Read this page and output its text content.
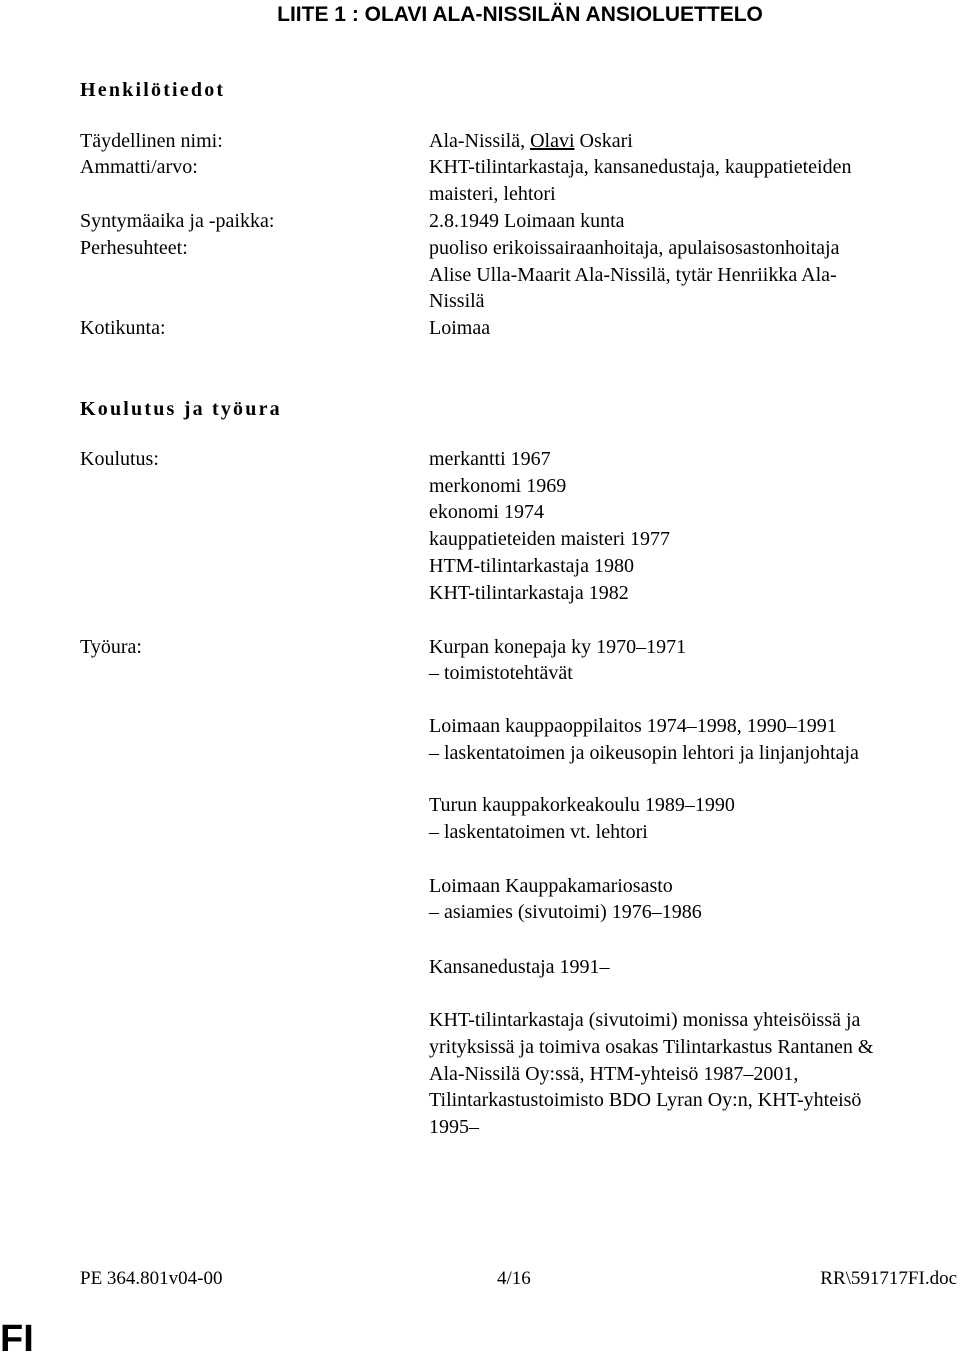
LIITE 1 : OLAVI ALA-NISSILÄN ANSIOLUETTELO
Henkilötiedot
Täydellinen nimi:	Ala-Nissilä, Olavi Oskari
Ammatti/arvo:	KHT-tilintarkastaja, kansanedustaja, kauppatieteiden
maisteri, lehtori
Syntymäaika ja -paikka:	2.8.1949 Loimaan kunta
Perhesuhteet:	puoliso erikoissairaanhoitaja, apulaisosastonhoitaja
Alise Ulla-Maarit Ala-Nissilä, tytär Henriikka Ala-
Nissilä
Kotikunta:	Loimaa
Koulutus ja työura
Koulutus:	merkantti 1967
merkonomi 1969
ekonomi 1974
kauppatieteiden maisteri 1977
HTM-tilintarkastaja 1980
KHT-tilintarkastaja 1982
Työura:	Kurpan konepaja ky 1970–1971
– toimistotehtävät
Loimaan kauppaoppilaitos 1974–1998, 1990–1991
– laskentatoimen ja oikeusopin lehtori ja linjanjohtaja
Turun kauppakorkeakoulu 1989–1990
– laskentatoimen vt. lehtori
Loimaan Kauppakamariosasto
– asiamies (sivutoimi) 1976–1986
Kansanedustaja 1991–
KHT-tilintarkastaja (sivutoimi) monissa yhteisöissä ja
yrityksissä ja toimiva osakas Tilintarkastus Rantanen &
Ala-Nissilä Oy:ssä, HTM-yhteisö 1987–2001,
Tilintarkastustoimisto BDO Lyran Oy:n, KHT-yhteisö
1995–
PE 364.801v04-00	4/16	RR\591717FI.doc
FI
